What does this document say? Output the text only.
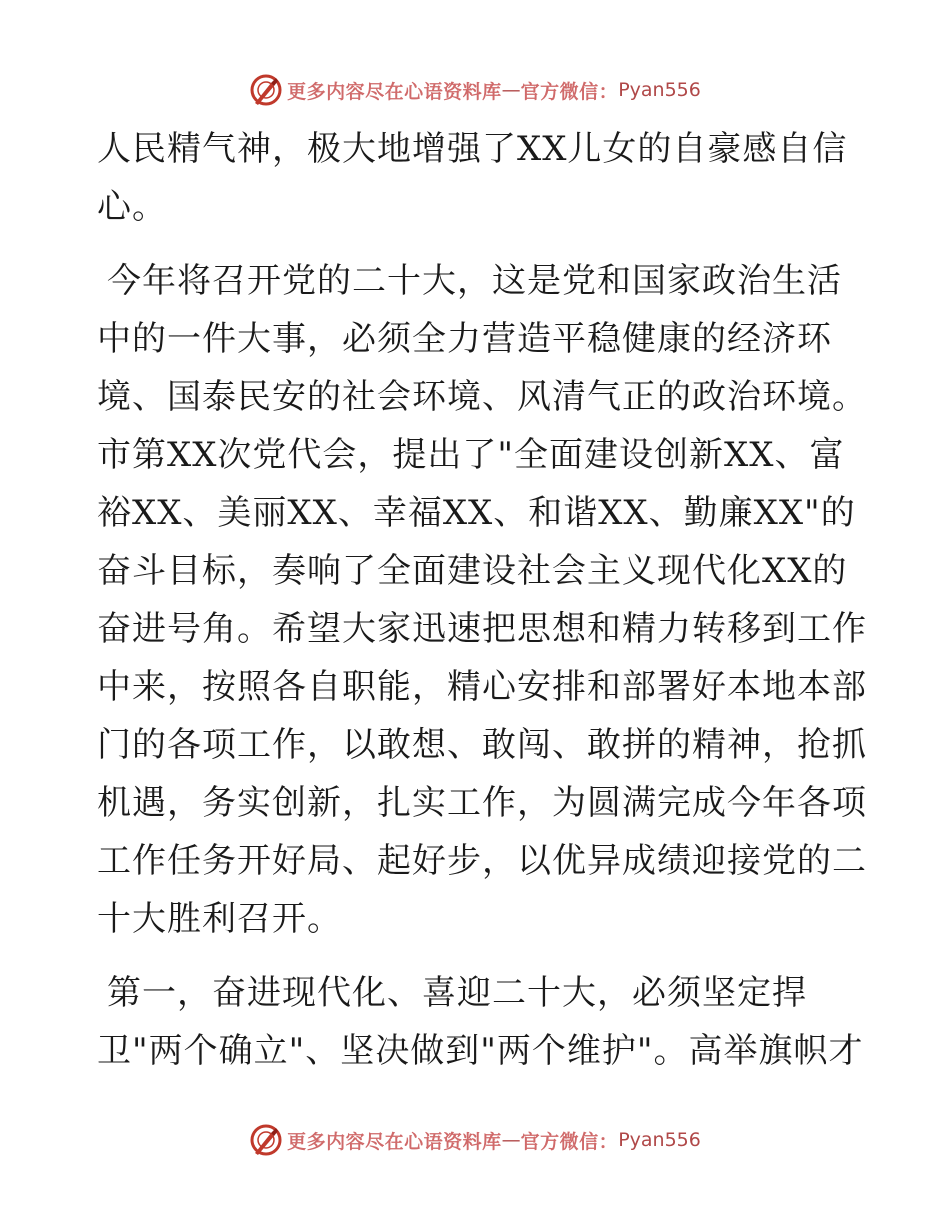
更多内容尽在心语资料库 — 官方微信： Pyan556

人民精气神，极大地增强了XX儿女的自豪感自信心。

今年将召开党的二十大，这是党和国家政治生活中的一件大事，必须全力营造平稳健康的经济环境、国泰民安的社会环境、风清气正的政治环境。市第XX次党代会，提出了"全面建设创新XX、富裕XX、美丽XX、幸福XX、和谐XX、勤廉XX"的奋斗目标，奏响了全面建设社会主义现代化XX的奋进号角。希望大家迅速把思想和精力转移到工作中来，按照各自职能，精心安排和部署好本地本部门的各项工作，以敢想、敢闯、敢拼的精神，抢抓机遇，务实创新，扎实工作，为圆满完成今年各项工作任务开好局、起好步，以优异成绩迎接党的二十大胜利召开。

第一，奋进现代化、喜迎二十大，必须坚定捍卫"两个确立"、坚决做到"两个维护"。高举旗帜才

更多内容尽在心语资料库 — 官方微信： Pyan556
